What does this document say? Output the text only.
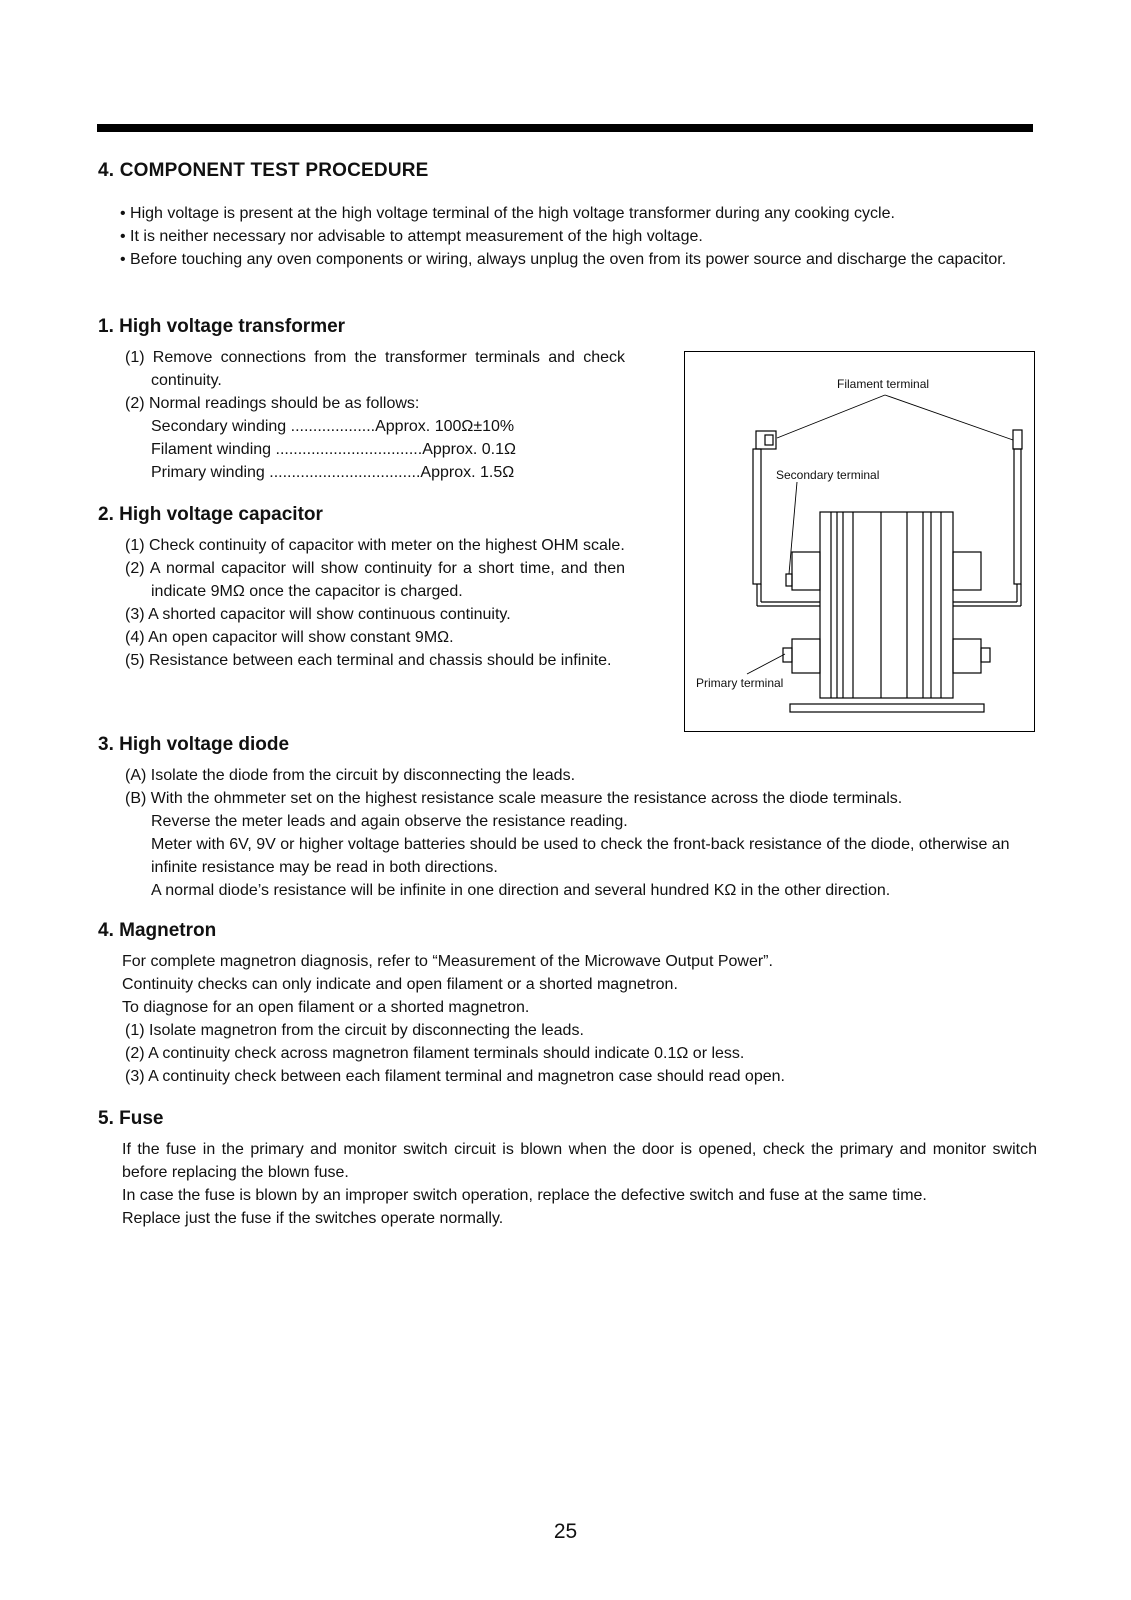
4. COMPONENT TEST PROCEDURE
• High voltage is present at the high voltage terminal of the high voltage transformer during any cooking cycle.
• It is neither necessary nor advisable to attempt measurement of the high voltage.
• Before touching any oven components or wiring, always unplug the oven from its power source and discharge the capacitor.
1. High voltage transformer
(1) Remove connections from the transformer terminals and check continuity.
(2) Normal readings should be as follows:
Secondary winding ...................Approx. 100Ω±10%
Filament winding .................................Approx. 0.1Ω
Primary winding ..................................Approx. 1.5Ω
2. High voltage capacitor
(1) Check continuity of capacitor with meter on the highest OHM scale.
(2) A normal capacitor will show continuity for a short time, and then indicate 9MΩ once the capacitor is charged.
(3) A shorted capacitor will show continuous continuity.
(4) An open capacitor will show constant 9MΩ.
(5) Resistance between each terminal and chassis should be infinite.
Filament terminal
Secondary terminal
Primary terminal
3. High voltage diode
(A) Isolate the diode from the circuit by disconnecting the leads.
(B) With the ohmmeter set on the highest resistance scale measure the resistance across the diode terminals.
Reverse the meter leads and again observe the resistance reading.
Meter with 6V, 9V or higher voltage batteries should be used to check the front-back resistance of the diode, otherwise an infinite resistance may be read in both directions.
A normal diode’s resistance will be infinite in one direction and several hundred KΩ in the other direction.
4. Magnetron
For complete magnetron diagnosis, refer to “Measurement of the Microwave Output Power”.
Continuity checks can only indicate and open filament or a shorted magnetron.
To diagnose for an open filament or a shorted magnetron.
(1) Isolate magnetron from the circuit by disconnecting the leads.
(2) A continuity check across magnetron filament terminals should indicate 0.1Ω or less.
(3) A continuity check between each filament terminal and magnetron case should read open.
5. Fuse
If the fuse in the primary and monitor switch circuit is blown when the door is opened, check the primary and monitor switch before replacing the blown fuse.
In case the fuse is blown by an improper switch operation, replace the defective switch and fuse at the same time.
Replace just the fuse if the switches operate normally.
25
